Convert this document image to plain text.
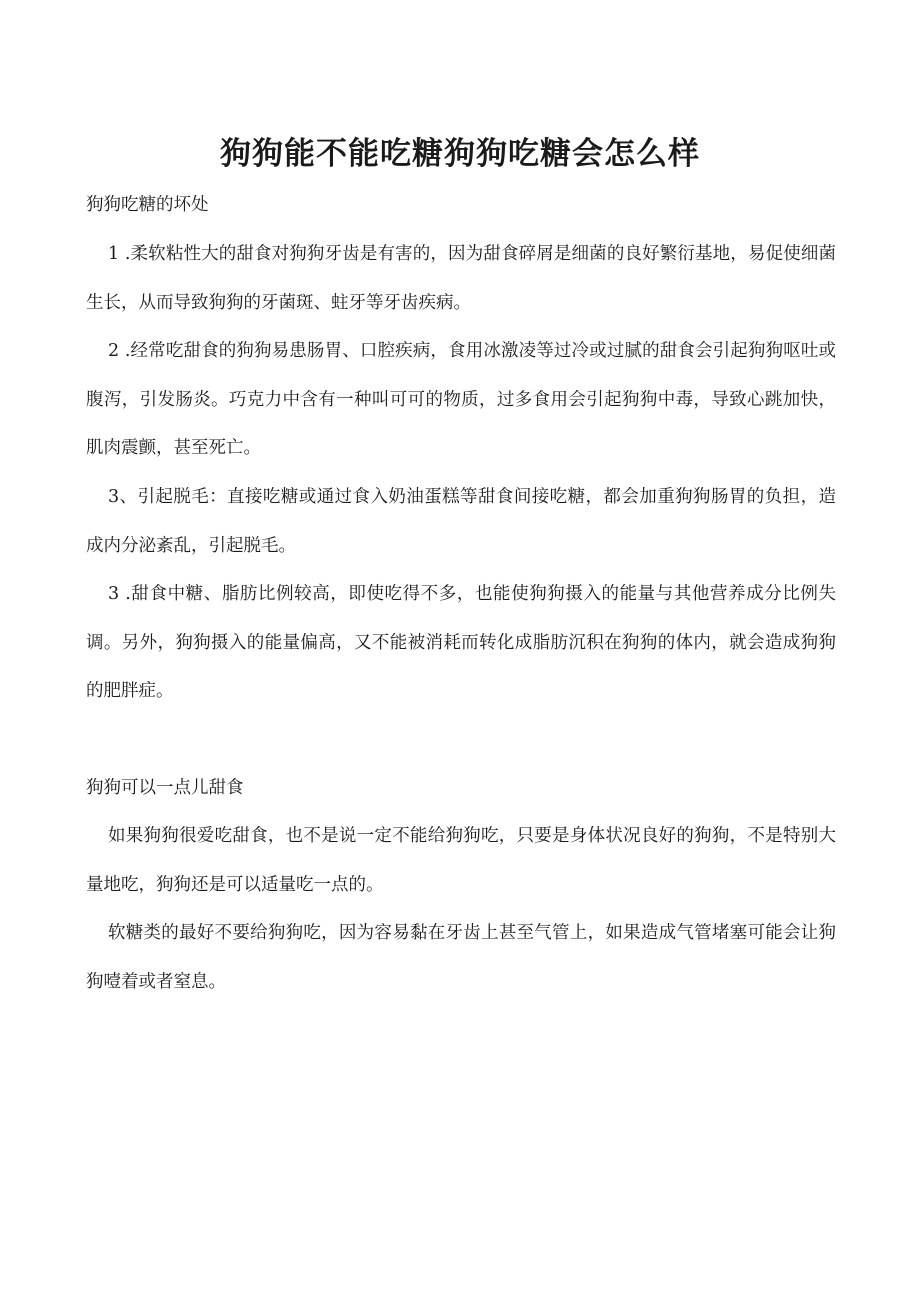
狗狗能不能吃糖狗狗吃糖会怎么样

狗狗吃糖的坏处

1 .柔软粘性大的甜食对狗狗牙齿是有害的，因为甜食碎屑是细菌的良好繁衍基地，易促使细菌生长，从而导致狗狗的牙菌斑、蛀牙等牙齿疾病。

2 .经常吃甜食的狗狗易患肠胃、口腔疾病，食用冰激凌等过冷或过腻的甜食会引起狗狗呕吐或腹泻，引发肠炎。巧克力中含有一种叫可可的物质，过多食用会引起狗狗中毒，导致心跳加快，肌肉震颤，甚至死亡。

3、引起脱毛：直接吃糖或通过食入奶油蛋糕等甜食间接吃糖，都会加重狗狗肠胃的负担，造成内分泌紊乱，引起脱毛。

3 .甜食中糖、脂肪比例较高，即使吃得不多，也能使狗狗摄入的能量与其他营养成分比例失调。另外，狗狗摄入的能量偏高，又不能被消耗而转化成脂肪沉积在狗狗的体内，就会造成狗狗的肥胖症。

狗狗可以一点儿甜食

如果狗狗很爱吃甜食，也不是说一定不能给狗狗吃，只要是身体状况良好的狗狗，不是特别大量地吃，狗狗还是可以适量吃一点的。

软糖类的最好不要给狗狗吃，因为容易黏在牙齿上甚至气管上，如果造成气管堵塞可能会让狗狗噎着或者窒息。
